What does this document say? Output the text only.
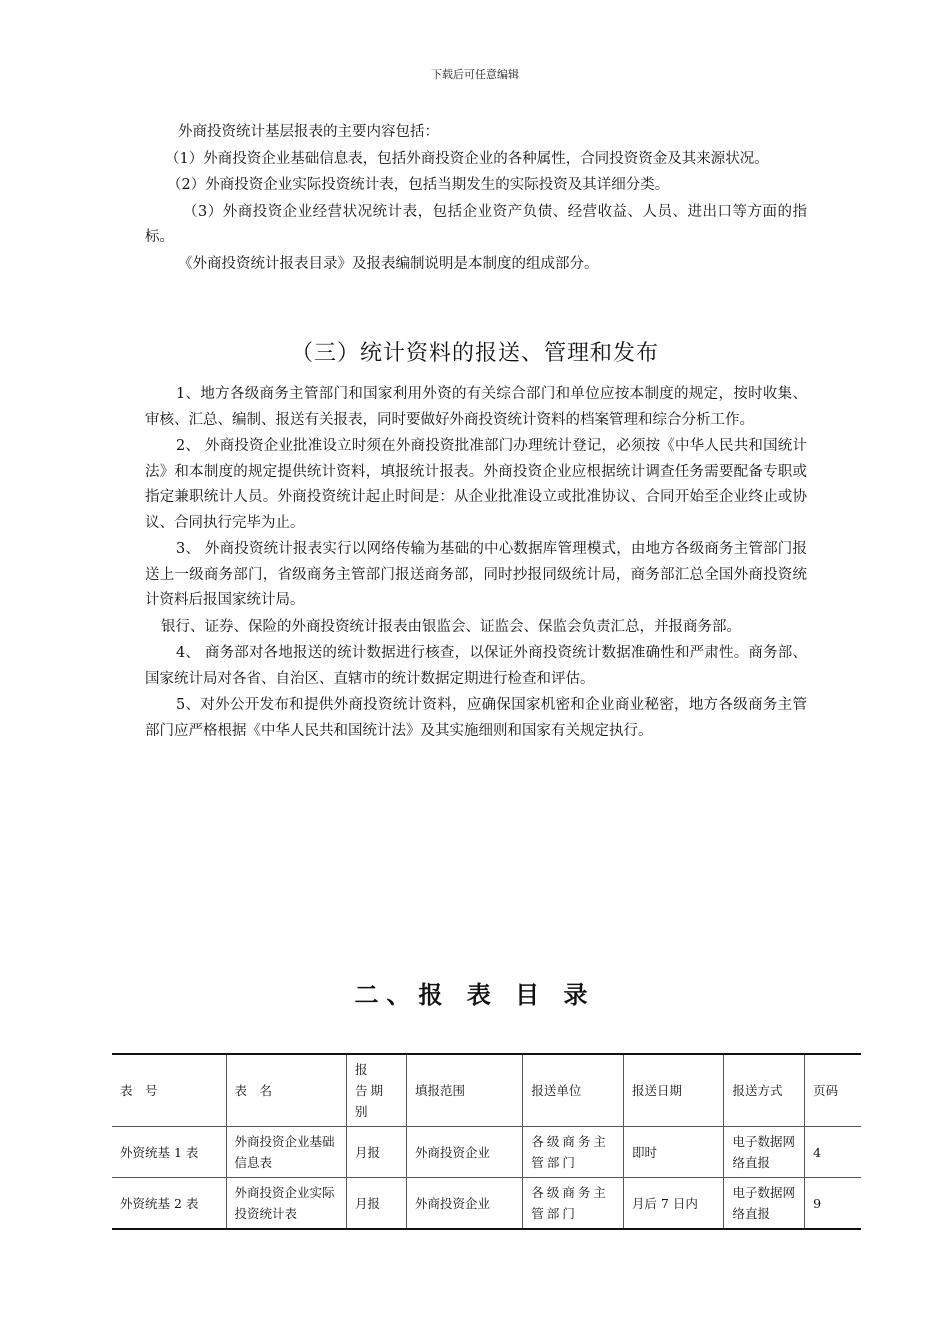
下载后可任意编辑

外商投资统计基层报表的主要内容包括：

（1）外商投资企业基础信息表，包括外商投资企业的各种属性，合同投资资金及其来源状况。

（2）外商投资企业实际投资统计表，包括当期发生的实际投资及其详细分类。

（3）外商投资企业经营状况统计表，包括企业资产负债、经营收益、人员、进出口等方面的指标。

《外商投资统计报表目录》及报表编制说明是本制度的组成部分。

（三）统计资料的报送、管理和发布

1、地方各级商务主管部门和国家利用外资的有关综合部门和单位应按本制度的规定，按时收集、审核、汇总、编制、报送有关报表，同时要做好外商投资统计资料的档案管理和综合分析工作。

2、 外商投资企业批准设立时须在外商投资批准部门办理统计登记，必须按《中华人民共和国统计法》和本制度的规定提供统计资料，填报统计报表。外商投资企业应根据统计调查任务需要配备专职或指定兼职统计人员。外商投资统计起止时间是：从企业批准设立或批准协议、合同开始至企业终止或协议、合同执行完毕为止。

3、 外商投资统计报表实行以网络传输为基础的中心数据库管理模式，由地方各级商务主管部门报送上一级商务部门，省级商务主管部门报送商务部，同时抄报同级统计局，商务部汇总全国外商投资统计资料后报国家统计局。

银行、证券、保险的外商投资统计报表由银监会、证监会、保监会负责汇总，并报商务部。

4、 商务部对各地报送的统计数据进行核查，以保证外商投资统计数据准确性和严肃性。商务部、国家统计局对各省、自治区、直辖市的统计数据定期进行检查和评估。

5、对外公开发布和提供外商投资统计资料，应确保国家机密和企业商业秘密，地方各级商务主管部门应严格根据《中华人民共和国统计法》及其实施细则和国家有关规定执行。

二、报 表 目 录
表　号	表　名	报　告期 别	填报范围	报送单位	报送日期	报送方式	页码
外资统基 1 表	外商投资企业基础信息表	月报	外商投资企业	各级商务主管部门	即时	电子数据网络直报	4
外资统基 2 表	外商投资企业实际投资统计表	月报	外商投资企业	各级商务主管部门	月后 7 日内	电子数据网络直报	9
